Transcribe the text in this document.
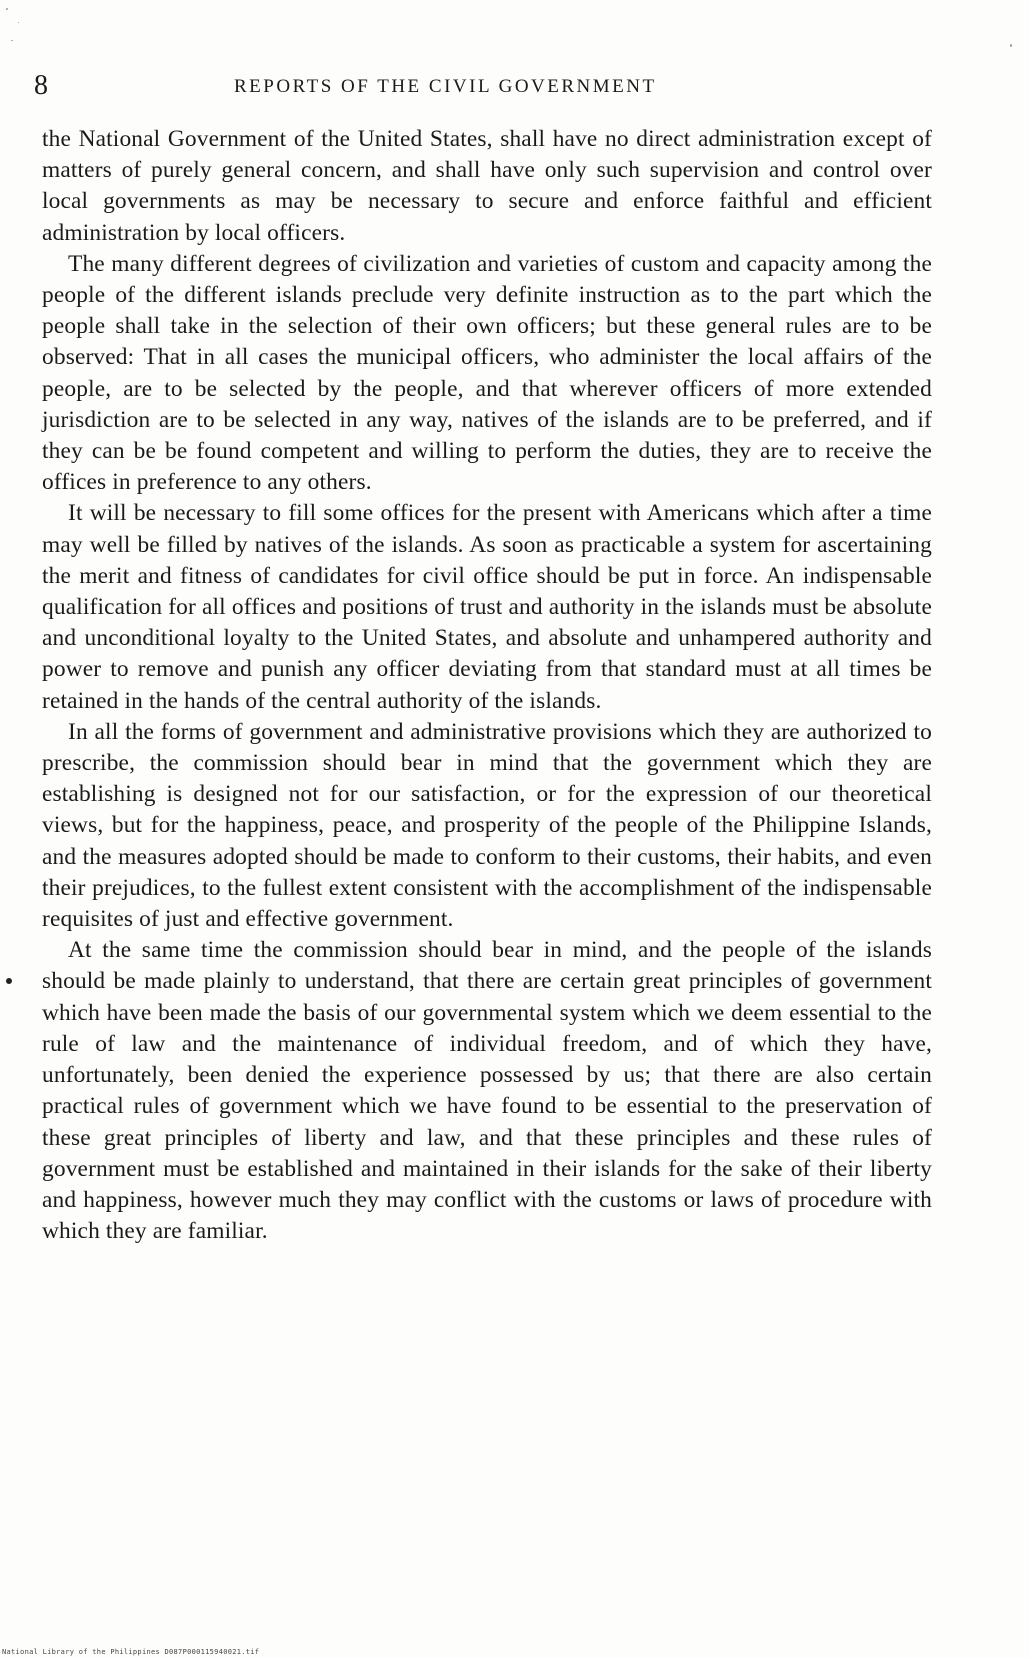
8	REPORTS OF THE CIVIL GOVERNMENT

the National Government of the United States, shall have no direct administration except of matters of purely general concern, and shall have only such supervision and control over local governments as may be necessary to secure and enforce faithful and efficient administration by local officers.

The many different degrees of civilization and varieties of custom and capacity among the people of the different islands preclude very definite instruction as to the part which the people shall take in the selection of their own officers; but these general rules are to be observed: That in all cases the municipal officers, who administer the local affairs of the people, are to be selected by the people, and that wherever officers of more extended jurisdiction are to be selected in any way, natives of the islands are to be preferred, and if they can be be found competent and willing to perform the duties, they are to receive the offices in preference to any others.

It will be necessary to fill some offices for the present with Americans which after a time may well be filled by natives of the islands. As soon as practicable a system for ascertaining the merit and fitness of candidates for civil office should be put in force. An indispensable qualification for all offices and positions of trust and authority in the islands must be absolute and unconditional loyalty to the United States, and absolute and unhampered authority and power to remove and punish any officer deviating from that standard must at all times be retained in the hands of the central authority of the islands.

In all the forms of government and administrative provisions which they are authorized to prescribe, the commission should bear in mind that the government which they are establishing is designed not for our satisfaction, or for the expression of our theoretical views, but for the happiness, peace, and prosperity of the people of the Philippine Islands, and the measures adopted should be made to conform to their customs, their habits, and even their prejudices, to the fullest extent consistent with the accomplishment of the indispensable requisites of just and effective government.

At the same time the commission should bear in mind, and the people of the islands should be made plainly to understand, that there are certain great principles of government which have been made the basis of our governmental system which we deem essential to the rule of law and the maintenance of individual freedom, and of which they have, unfortunately, been denied the experience possessed by us; that there are also certain practical rules of government which we have found to be essential to the preservation of these great principles of liberty and law, and that these principles and these rules of government must be established and maintained in their islands for the sake of their liberty and happiness, however much they may conflict with the customs or laws of procedure with which they are familiar.

National Library of the Philippines D087P000115940021.tif
